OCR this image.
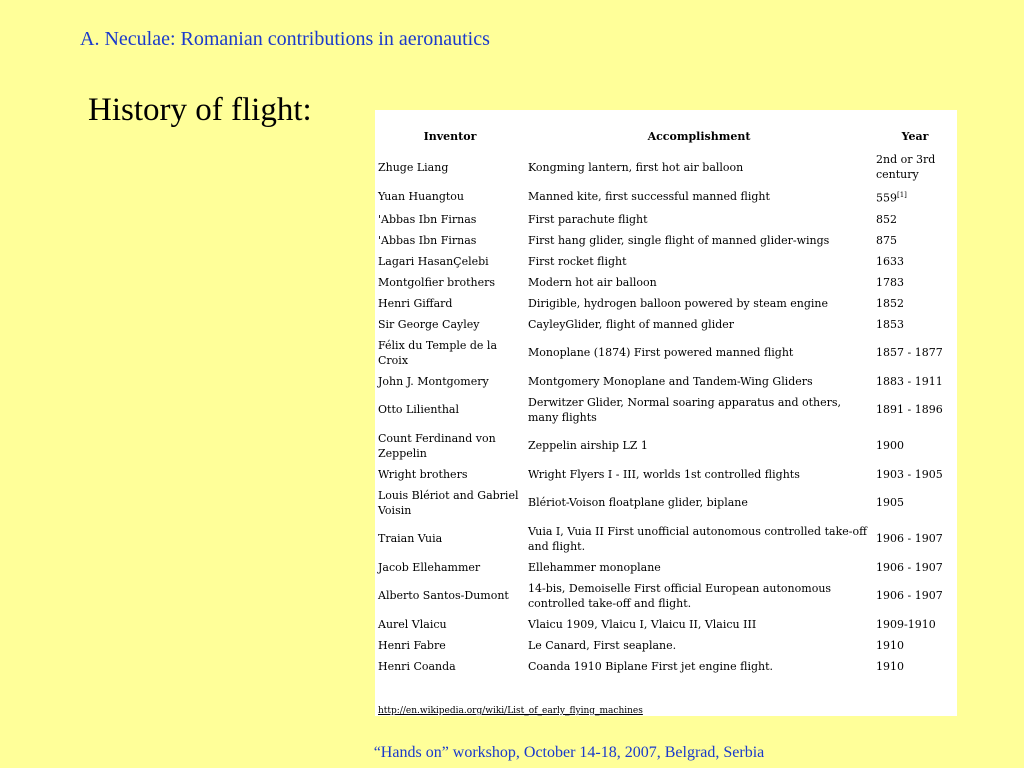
A. Neculae: Romanian contributions in aeronautics
History of flight:
Inventor	Accomplishment	Year
Zhuge Liang	Kongming lantern, first hot air balloon	2nd or 3rd century
Yuan Huangtou	Manned kite, first successful manned flight	559[1]
'Abbas Ibn Firnas	First parachute flight	852
'Abbas Ibn Firnas	First hang glider, single flight of manned glider-wings	875
Lagari HasanÇelebi	First rocket flight	1633
Montgolfier brothers	Modern hot air balloon	1783
Henri Giffard	Dirigible, hydrogen balloon powered by steam engine	1852
Sir George Cayley	CayleyGlider, flight of manned glider	1853
Félix du Temple de la Croix	Monoplane (1874) First powered manned flight	1857 - 1877
John J. Montgomery	Montgomery Monoplane and Tandem-Wing Gliders	1883 - 1911
Otto Lilienthal	Derwitzer Glider, Normal soaring apparatus and others, many flights	1891 - 1896
Count Ferdinand von Zeppelin	Zeppelin airship LZ 1	1900
Wright brothers	Wright Flyers I - III, worlds 1st controlled flights	1903 - 1905
Louis Blériot and Gabriel Voisin	Blériot-Voison floatplane glider, biplane	1905
Traian Vuia	Vuia I, Vuia II First unofficial autonomous controlled take-off and flight.	1906 - 1907
Jacob Ellehammer	Ellehammer monoplane	1906 - 1907
Alberto Santos-Dumont	14-bis, Demoiselle First official European autonomous controlled take-off and flight.	1906 - 1907
Aurel Vlaicu	Vlaicu 1909, Vlaicu I, Vlaicu II, Vlaicu III	1909-1910
Henri Fabre	Le Canard, First seaplane.	1910
Henri Coanda	Coanda 1910 Biplane First jet engine flight.	1910
http://en.wikipedia.org/wiki/List_of_early_flying_machines
“Hands on” workshop, October 14-18, 2007, Belgrad, Serbia
